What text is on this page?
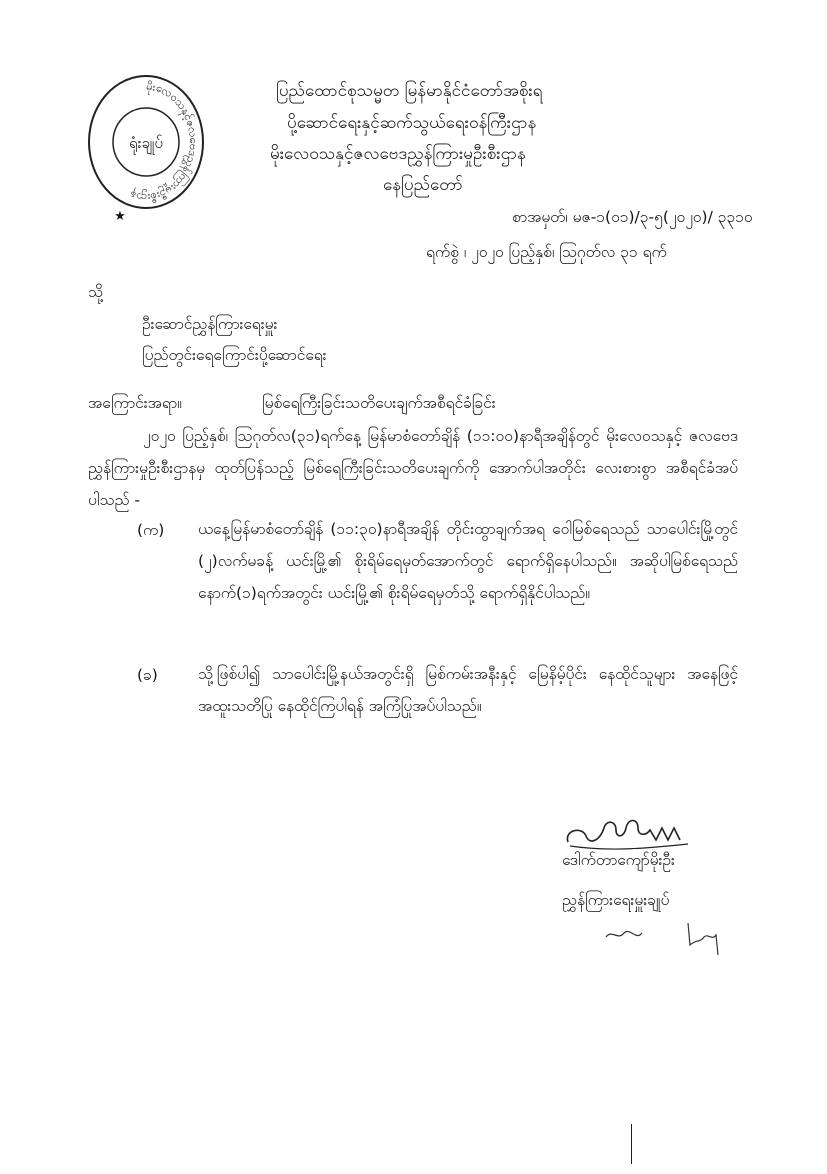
မိုးလေဝသနှင့်ဇလဗေဒညွှန်ကြားမှုဦးစီးဌာန
ရုံးချုပ်
★
ပြည်ထောင်စုသမ္မတ မြန်မာနိုင်ငံတော်အစိုးရ
ပို့ဆောင်ရေးနှင့်ဆက်သွယ်ရေးဝန်ကြီးဌာန
မိုးလေဝသနှင့်ဇလဗေဒညွှန်ကြားမှုဦးစီးဌာန
နေပြည်တော်
စာအမှတ်၊ မဇ-၁(၀၁)/၃-၅(၂၀၂၀)/ ၃၃၁၀
ရက်စွဲ ၊ ၂၀၂၀ ပြည့်နှစ်၊ ဩဂုတ်လ ၃၁ ရက်
သို့
ဦးဆောင်ညွှန်ကြားရေးမှူး
ပြည်တွင်းရေကြောင်းပို့ဆောင်ရေး
အကြောင်းအရာ။	မြစ်ရေကြီးခြင်းသတိပေးချက်အစီရင်ခံခြင်း
၂၀၂၀ ပြည့်နှစ်၊ ဩဂုတ်လ(၃၁)ရက်နေ့ မြန်မာစံတော်ချိန် (၁၁:၀၀)နာရီအချိန်တွင် မိုးလေဝသနှင့် ဇလဗေဒညွှန်ကြားမှုဦးစီးဌာနမှ ထုတ်ပြန်သည့် မြစ်ရေကြီးခြင်းသတိပေးချက်ကို အောက်ပါအတိုင်း လေးစားစွာ အစီရင်ခံအပ်ပါသည် -
(က) ယနေ့မြန်မာစံတော်ချိန် (၁၁:၃၀)နာရီအချိန် တိုင်းထွာချက်အရ ဝေါမြစ်ရေသည် သာပေါင်းမြို့တွင် (၂)လက်မခန့် ယင်းမြို့၏ စိုးရိမ်ရေမှတ်အောက်တွင် ရောက်ရှိနေပါသည်။ အဆိုပါမြစ်ရေသည် နောက်(၁)ရက်အတွင်း ယင်းမြို့၏ စိုးရိမ်ရေမှတ်သို့ ရောက်ရှိနိုင်ပါသည်။
(ခ)	သို့ဖြစ်ပါ၍ သာပေါင်းမြို့နယ်အတွင်းရှိ မြစ်ကမ်းအနီးနှင့် မြေနိမ့်ပိုင်း နေထိုင်သူများ အနေဖြင့် အထူးသတိပြု နေထိုင်ကြပါရန် အကြံပြုအပ်ပါသည်။
ဒေါက်တာကျော်မိုးဦး
ညွှန်ကြားရေးမှူးချုပ်
